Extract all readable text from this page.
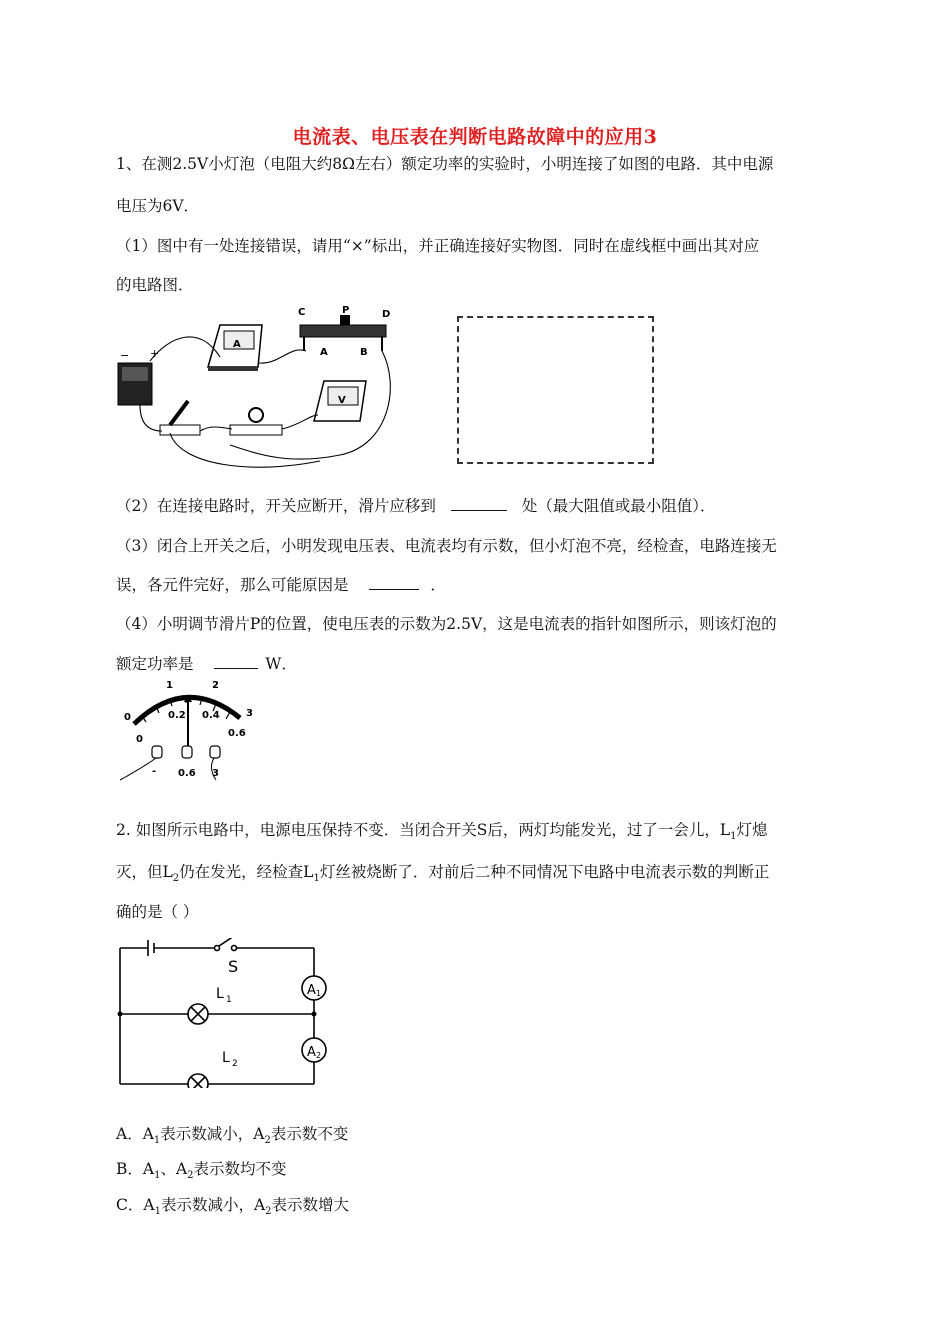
电流表、电压表在判断电路故障中的应用3
1、在测2.5V小灯泡（电阻大约8Ω左右）额定功率的实验时，小明连接了如图的电路．其中电源
电压为6V．
（1）图中有一处连接错误，请用“×”标出，并正确连接好实物图．同时在虚线框中画出其对应
的电路图．
− +
A
C	P	D
A	B
V
（2）在连接电路时，开关应断开，滑片应移到	处（最大阻值或最小阻值）．
（3）闭合上开关之后，小明发现电压表、电流表均有示数，但小灯泡不亮，经检查，电路连接无
误，各元件完好，那么可能原因是	．
（4）小明调节滑片P的位置，使电压表的示数为2.5V，这是电流表的指针如图所示，则该灯泡的
额定功率是	W．
0
1	2
3
0
0.2 0.4
0.6
- 0.6 3
2. 如图所示电路中，电源电压保持不变．当闭合开关S后，两灯均能发光，过了一会儿，$L_1$灯熄
灭，但$L_2$仍在发光，经检查$L_1$灯丝被烧断了．对前后二种不同情况下电路中电流表示数的判断正
确的是（ ）
S
L 1
L 2
A 1
A 2
A．$A_1$表示数减小，$A_2$表示数不变
B．$A_1$、$A_2$表示数均不变
C．$A_1$表示数减小，$A_2$表示数增大
